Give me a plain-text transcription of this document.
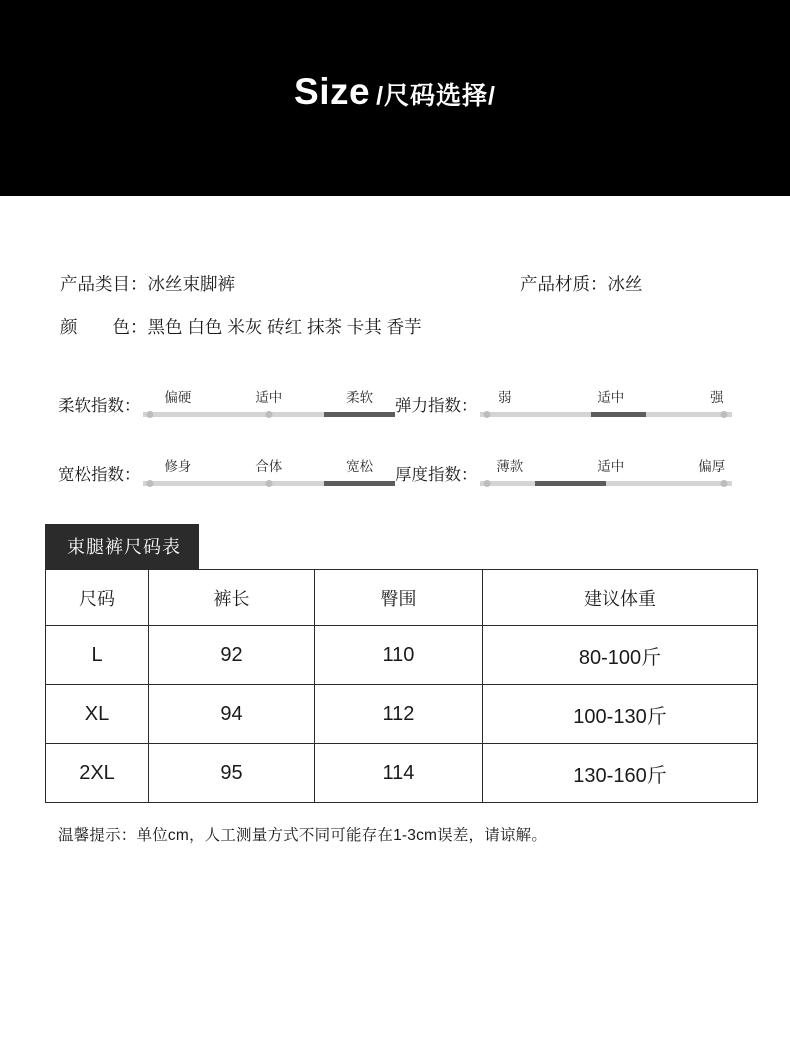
Size /尺码选择/
产品类目：冰丝束脚裤	产品材质：冰丝
颜　　色：黑色 白色 米灰 砖红 抹茶 卡其 香芋
柔软指数： 偏硬	适中	柔软 弹力指数： 弱	适中	强
宽松指数： 修身	合体	宽松 厚度指数： 薄款	适中	偏厚
束腿裤尺码表
尺码	裤长	臀围	建议体重
L	92	110	80-100斤
XL	94	112	100-130斤
2XL	95	114	130-160斤
温馨提示：单位cm，人工测量方式不同可能存在1-3cm误差，请谅解。
